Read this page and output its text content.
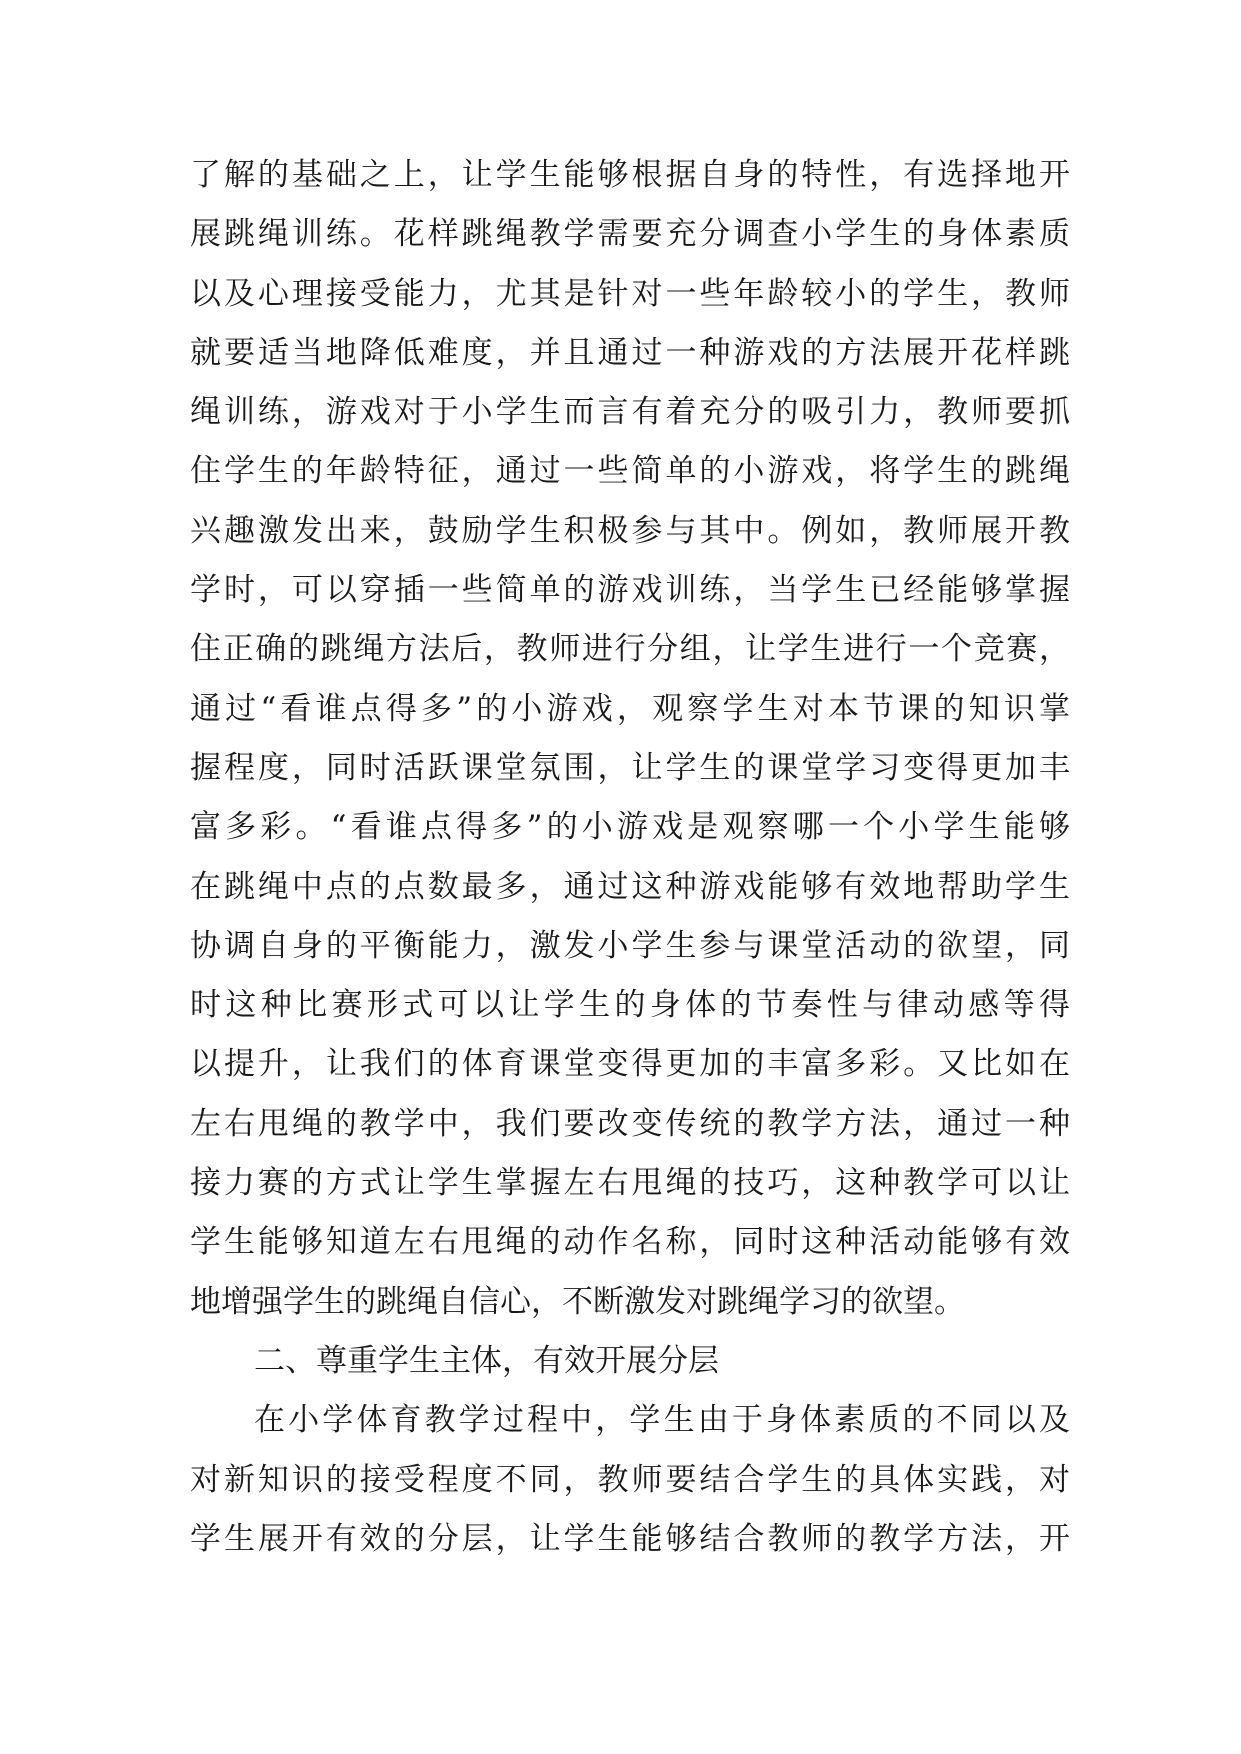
了解的基础之上，让学生能够根据自身的特性，有选择地开
展跳绳训练。花样跳绳教学需要充分调查小学生的身体素质
以及心理接受能力，尤其是针对一些年龄较小的学生，教师
就要适当地降低难度，并且通过一种游戏的方法展开花样跳
绳训练，游戏对于小学生而言有着充分的吸引力，教师要抓
住学生的年龄特征，通过一些简单的小游戏，将学生的跳绳
兴趣激发出来，鼓励学生积极参与其中。例如，教师展开教
学时，可以穿插一些简单的游戏训练，当学生已经能够掌握
住正确的跳绳方法后，教师进行分组，让学生进行一个竞赛，
通过“看谁点得多”的小游戏，观察学生对本节课的知识掌
握程度，同时活跃课堂氛围，让学生的课堂学习变得更加丰
富多彩。“看谁点得多”的小游戏是观察哪一个小学生能够
在跳绳中点的点数最多，通过这种游戏能够有效地帮助学生
协调自身的平衡能力，激发小学生参与课堂活动的欲望，同
时这种比赛形式可以让学生的身体的节奏性与律动感等得
以提升，让我们的体育课堂变得更加的丰富多彩。又比如在
左右甩绳的教学中，我们要改变传统的教学方法，通过一种
接力赛的方式让学生掌握左右甩绳的技巧，这种教学可以让
学生能够知道左右甩绳的动作名称，同时这种活动能够有效
地增强学生的跳绳自信心，不断激发对跳绳学习的欲望。
二、尊重学生主体，有效开展分层
在小学体育教学过程中，学生由于身体素质的不同以及
对新知识的接受程度不同，教师要结合学生的具体实践，对
学生展开有效的分层，让学生能够结合教师的教学方法，开
